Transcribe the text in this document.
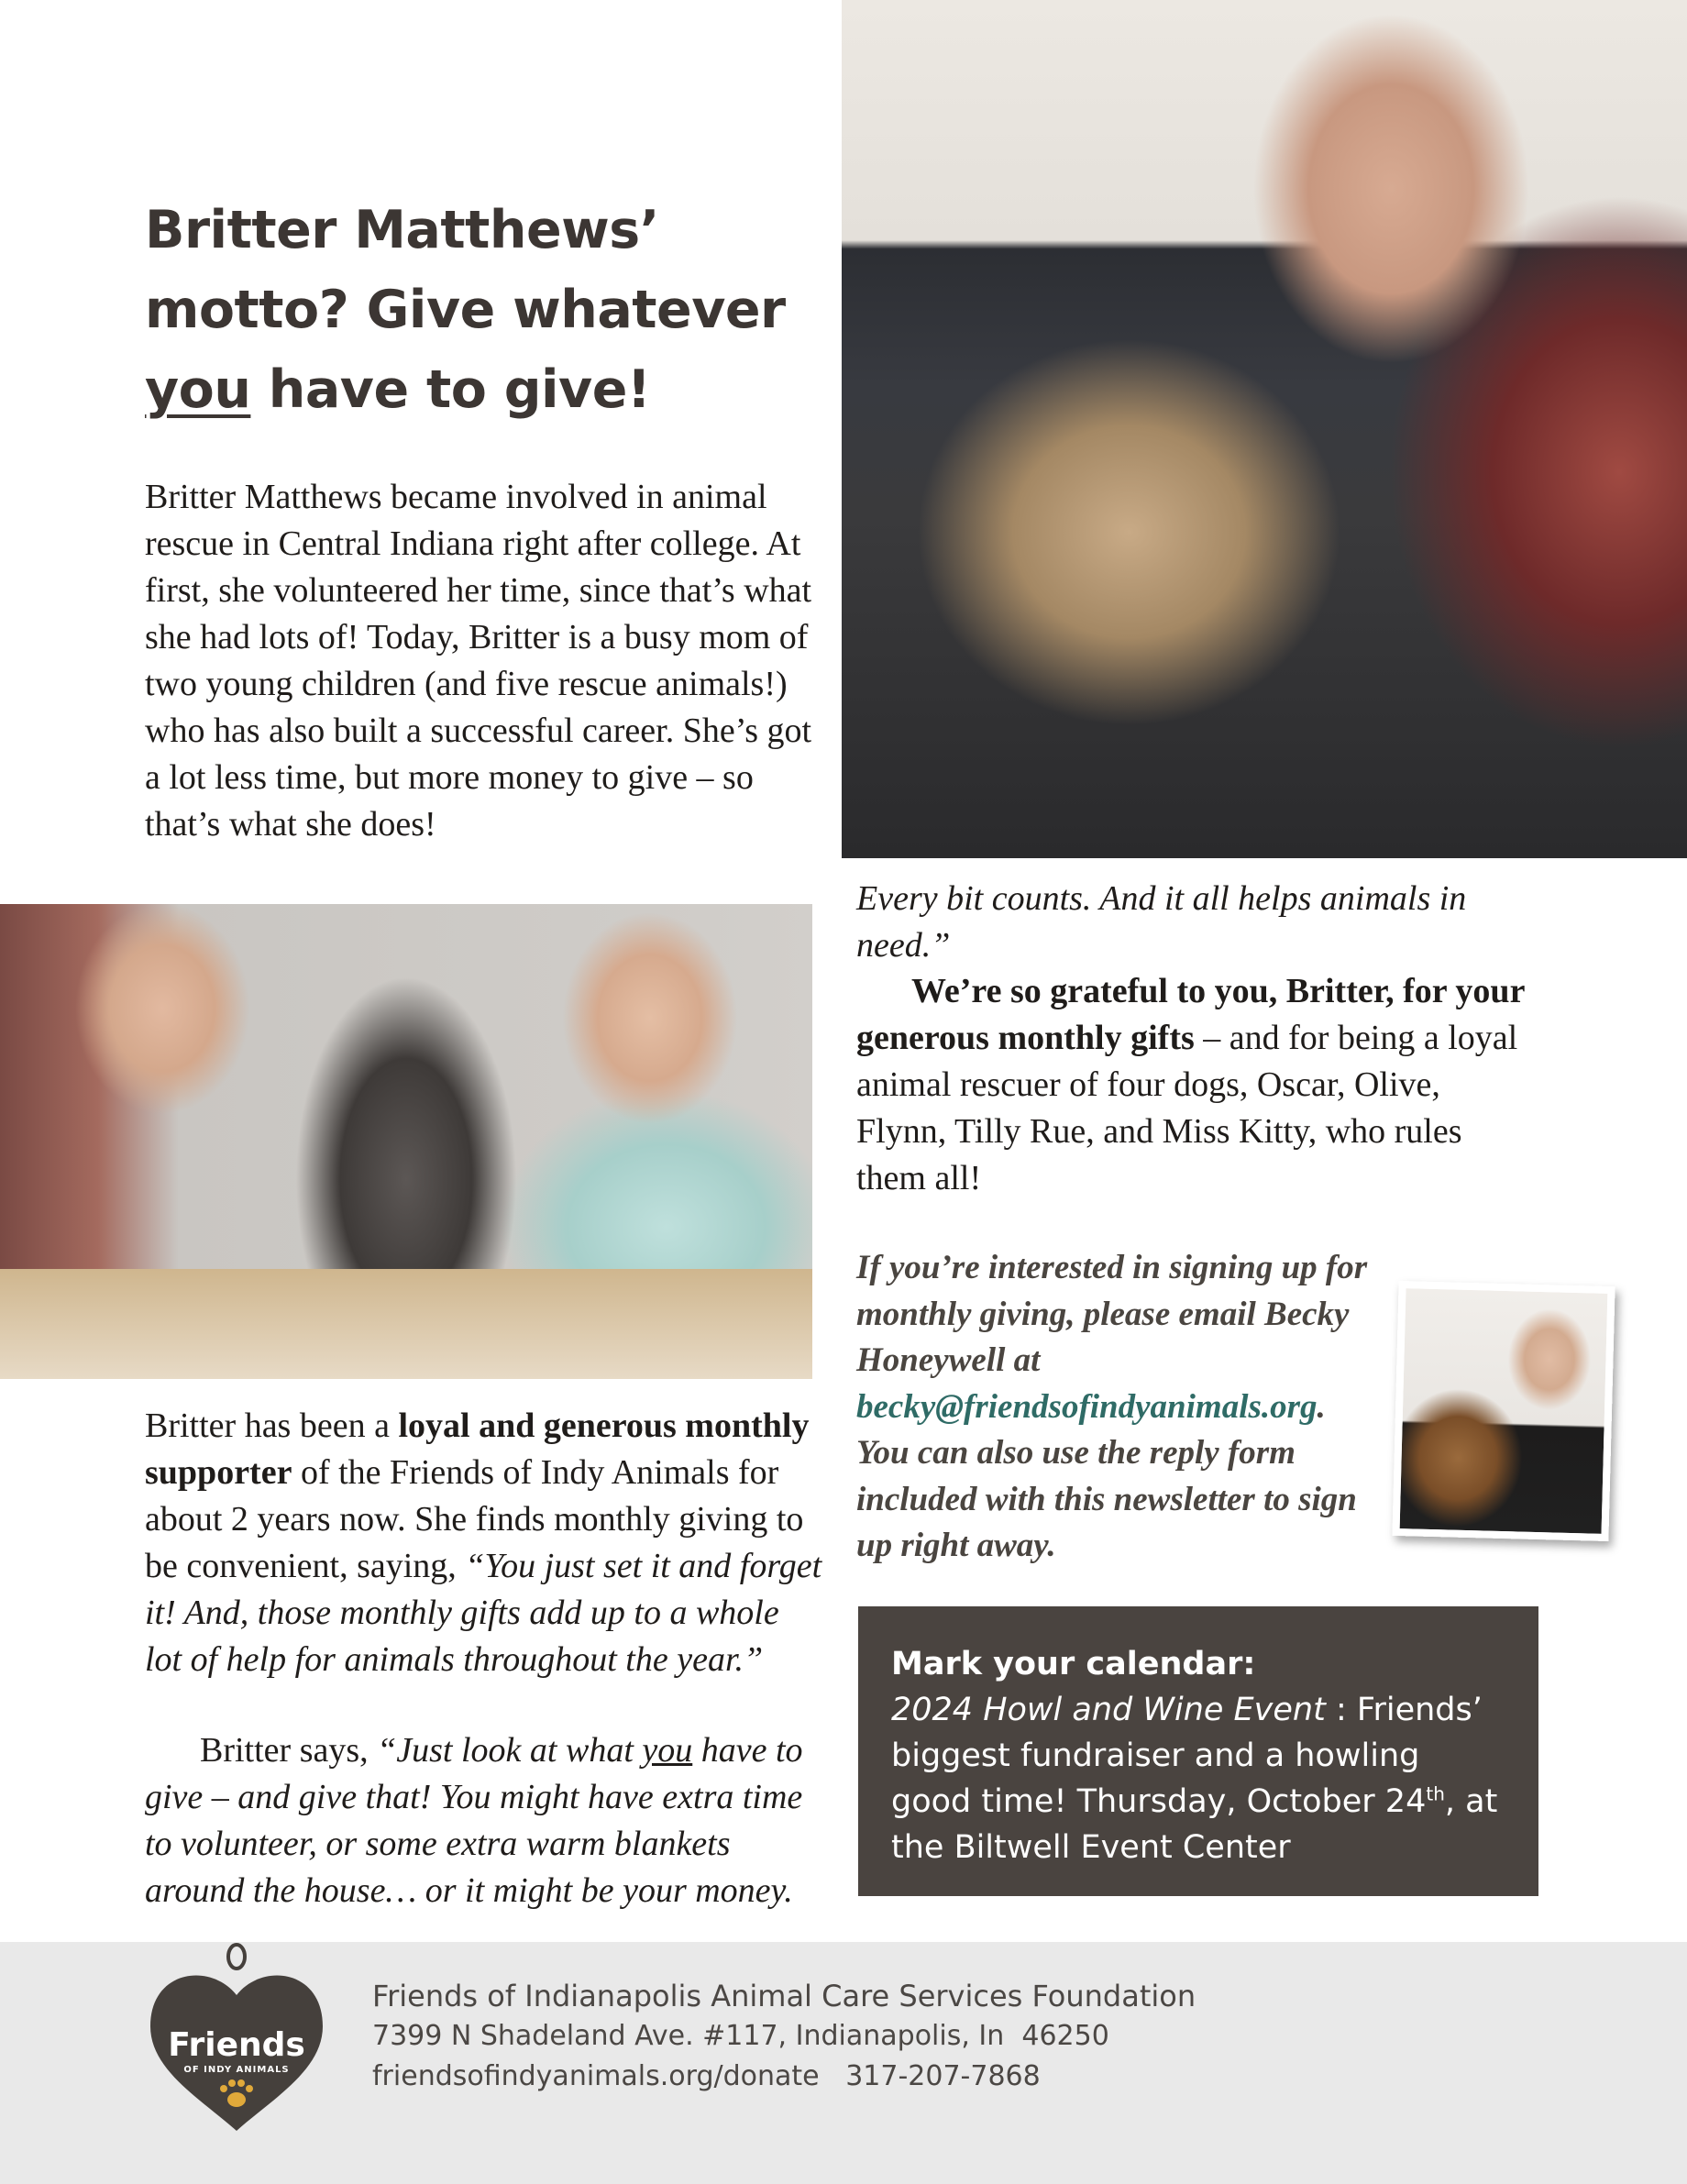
Britter Matthews’
motto? Give whatever
you have to give!

Britter Matthews became involved in animal rescue in Central Indiana right after college. At first, she volunteered her time, since that’s what she had lots of! Today, Britter is a busy mom of two young children (and five rescue animals!) who has also built a successful career. She’s got a lot less time, but more money to give – so that’s what she does!

Britter has been a loyal and generous monthly supporter of the Friends of Indy Animals for about 2 years now. She finds monthly giving to be convenient, saying, “You just set it and forget it! And, those monthly gifts add up to a whole lot of help for animals throughout the year.”

Britter says, “Just look at what you have to give – and give that! You might have extra time to volunteer, or some extra warm blankets around the house… or it might be your money.

Every bit counts. And it all helps animals in need.”

We’re so grateful to you, Britter, for your generous monthly gifts – and for being a loyal animal rescuer of four dogs, Oscar, Olive, Flynn, Tilly Rue, and Miss Kitty, who rules them all!

If you’re interested in signing up for monthly giving, please email Becky Honeywell at becky@friendsofindyanimals.org. You can also use the reply form included with this newsletter to sign up right away.

Mark your calendar:
2024 Howl and Wine Event : Friends’ biggest fundraiser and a howling good time! Thursday, October 24th, at the Biltwell Event Center
Friends
OF INDY ANIMALS
Friends of Indianapolis Animal Care Services Foundation
7399 N Shadeland Ave. #117, Indianapolis, In  46250
friendsofindyanimals.org/donate   317-207-7868
